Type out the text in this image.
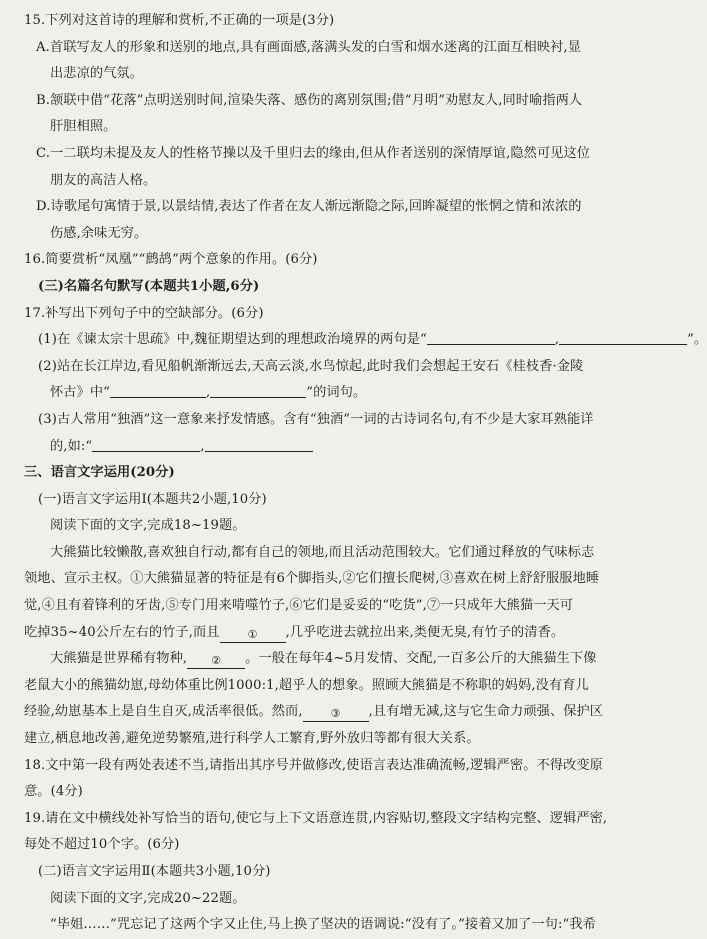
15.下列对这首诗的理解和赏析,不正确的一项是(3分)
A.首联写友人的形象和送别的地点,具有画面感,落满头发的白雪和烟水迷离的江面互相映衬,显
出悲凉的气氛。
B.颔联中借“花落”点明送别时间,渲染失落、感伤的离别氛围;借“月明”劝慰友人,同时喻指两人
肝胆相照。
C.一二联均未提及友人的性格节操以及千里归去的缘由,但从作者送别的深情厚谊,隐然可见这位
朋友的高洁人格。
D.诗歌尾句寓情于景,以景结情,表达了作者在友人渐远渐隐之际,回眸凝望的怅惘之情和浓浓的
伤感,余味无穷。
16.简要赏析“凤凰”“鹧鸪”两个意象的作用。(6分)
(三)名篇名句默写(本题共1小题,6分)
17.补写出下列句子中的空缺部分。(6分)
(1)在《谏太宗十思疏》中,魏征期望达到的理想政治境界的两句是“	,	”。
(2)站在长江岸边,看见船帆渐渐远去,天高云淡,水鸟惊起,此时我们会想起王安石《桂枝香·金陵
怀古》中“	,	”的词句。
(3)古人常用“独酒”这一意象来抒发情感。含有“独酒”一词的古诗词名句,有不少是大家耳熟能详
的,如:“	,
三、语言文字运用(20分)
(一)语言文字运用Ⅰ(本题共2小题,10分)
阅读下面的文字,完成18~19题。
大熊猫比较懒散,喜欢独自行动,都有自己的领地,而且活动范围较大。它们通过释放的气味标志
领地、宣示主权。①大熊猫显著的特征是有6个脚指头,②它们擅长爬树,③喜欢在树上舒舒服服地睡
觉,④且有着锋利的牙齿,⑤专门用来啃噬竹子,⑥它们是妥妥的“吃货”,⑦一只成年大熊猫一天可
吃掉35~40公斤左右的竹子,而且	① ,几乎吃进去就拉出来,类便无臭,有竹子的清香。
大熊猫是世界稀有物种, ② 。一般在每年4~5月发情、交配,一百多公斤的大熊猫生下像
老鼠大小的熊猫幼崽,母幼体重比例1000:1,超乎人的想象。照顾大熊猫是不称职的妈妈,没有育儿
经验,幼崽基本上是自生自灭,成活率很低。然而,	③ ,且有增无减,这与它生命力顽强、保护区
建立,栖息地改善,避免逆势繁殖,进行科学人工繁育,野外放归等都有很大关系。
18.文中第一段有两处表述不当,请指出其序号并做修改,使语言表达准确流畅,逻辑严密。不得改变原
意。(4分)
19.请在文中横线处补写恰当的语句,使它与上下文语意连贯,内容贴切,整段文字结构完整、逻辑严密,
每处不超过10个字。(6分)
(二)语言文字运用Ⅱ(本题共3小题,10分)
阅读下面的文字,完成20~22题。
“毕姐……”咒忘记了这两个字又止住,马上换了坚决的语调说:“没有了。”接着又加了一句:“我希
